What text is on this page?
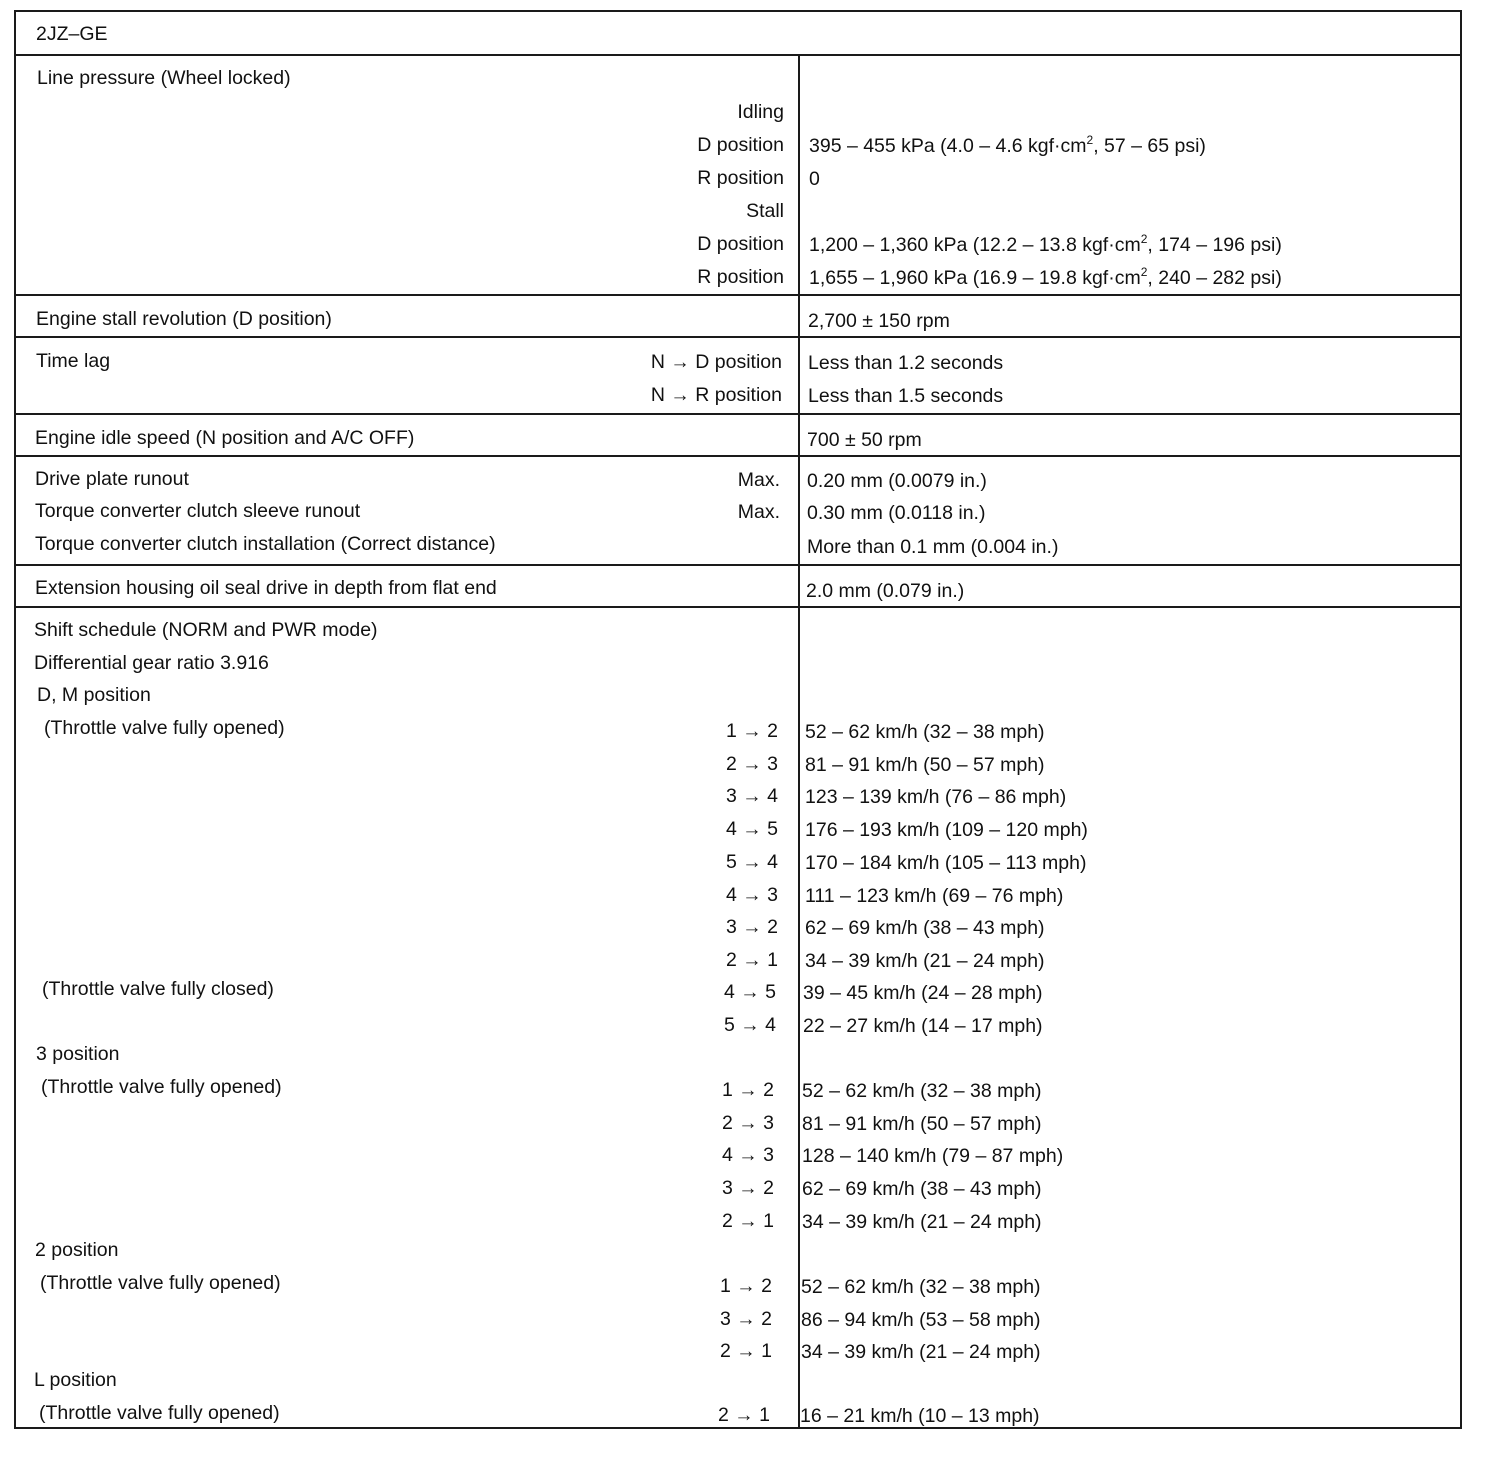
2JZ–GE
Line pressure (Wheel locked)
Idling
D position 395 – 455 kPa (4.0 – 4.6 $kgf\cdot cm^2$, 57 – 65 psi)
R position 0
Stall
D position 1,200 – 1,360 kPa (12.2 – 13.8 $kgf\cdot cm^2$, 174 – 196 psi)
R position 1,655 – 1,960 kPa (16.9 – 19.8 $kgf\cdot cm^2$, 240 – 282 psi)
Engine stall revolution (D position)	2,700 ± 150 rpm
Time lag	N → D position Less than 1.2 seconds
N → R position Less than 1.5 seconds
Engine idle speed (N position and A/C OFF)	700 ± 50 rpm
Drive plate runout	Max. 0.20 mm (0.0079 in.)
Torque converter clutch sleeve runout	Max. 0.30 mm (0.0118 in.)
Torque converter clutch installation (Correct distance)	More than 0.1 mm (0.004 in.)
Extension housing oil seal drive in depth from flat end	2.0 mm (0.079 in.)
Shift schedule (NORM and PWR mode)
Differential gear ratio 3.916
D, M position
(Throttle valve fully opened)	1 → 2 52 – 62 km/h (32 – 38 mph)
2 → 3 81 – 91 km/h (50 – 57 mph)
3 → 4 123 – 139 km/h (76 – 86 mph)
4 → 5 176 – 193 km/h (109 – 120 mph)
5 → 4 170 – 184 km/h (105 – 113 mph)
4 → 3 111 – 123 km/h (69 – 76 mph)
3 → 2 62 – 69 km/h (38 – 43 mph)
2 → 1 34 – 39 km/h (21 – 24 mph)
(Throttle valve fully closed)	4 → 5 39 – 45 km/h (24 – 28 mph)
5 → 4 22 – 27 km/h (14 – 17 mph)
3 position
(Throttle valve fully opened)	1 → 2 52 – 62 km/h (32 – 38 mph)
2 → 3 81 – 91 km/h (50 – 57 mph)
4 → 3 128 – 140 km/h (79 – 87 mph)
3 → 2 62 – 69 km/h (38 – 43 mph)
2 → 1 34 – 39 km/h (21 – 24 mph)
2 position
(Throttle valve fully opened)	1 → 2 52 – 62 km/h (32 – 38 mph)
3 → 2 86 – 94 km/h (53 – 58 mph)
2 → 1 34 – 39 km/h (21 – 24 mph)
L position
(Throttle valve fully opened)	2 → 1 16 – 21 km/h (10 – 13 mph)
